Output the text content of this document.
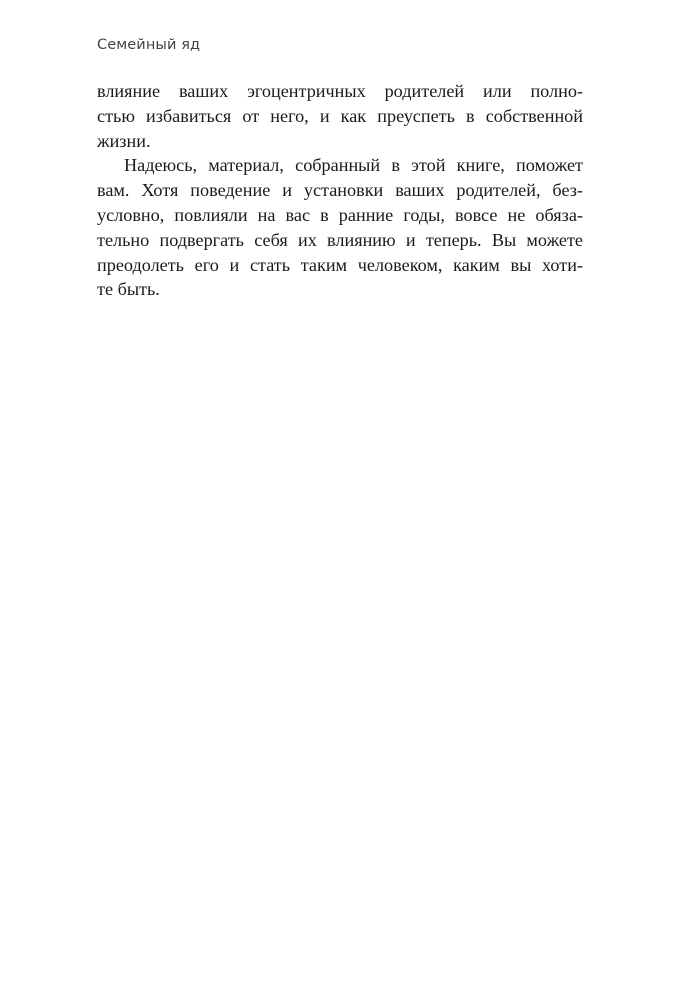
Семейный яд
влияние ваших эгоцентричных родителей или полно-
стью избавиться от него, и как преуспеть в собственной
жизни.
Надеюсь, материал, собранный в этой книге, поможет
вам. Хотя поведение и установки ваших родителей, без-
условно, повлияли на вас в ранние годы, вовсе не обяза-
тельно подвергать себя их влиянию и теперь. Вы можете
преодолеть его и стать таким человеком, каким вы хоти-
те быть.
